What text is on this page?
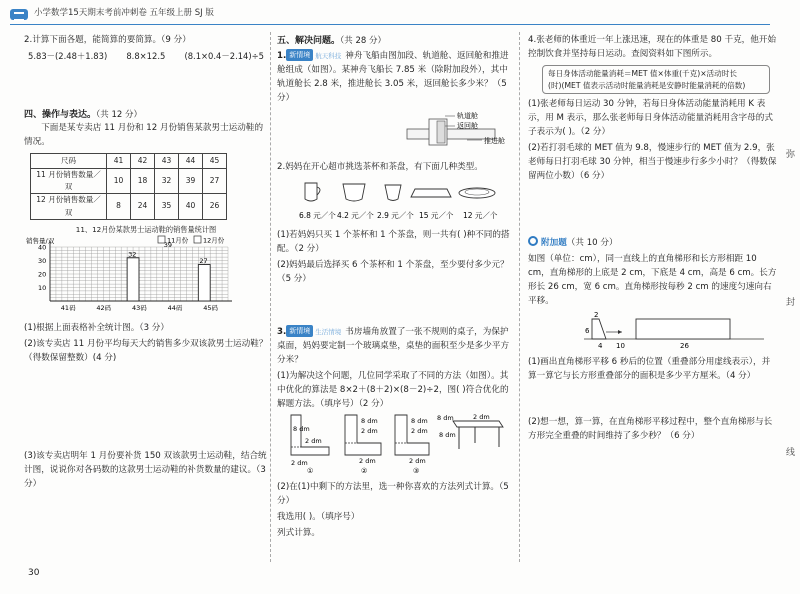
小学数学15天期末考前冲刺卷 五年级上册 SJ 版
2.计算下面各题，能简算的要简算。（9 分）
5.83－(2.48＋1.83) 8.8×12.5 (8.1×0.4－2.14)÷5
四、操作与表达。（共 12 分）
下面是某专卖店 11 月份和 12 月份销售某款男士运动鞋的情况。
尺码	41	42	43	44	45
11 月份销售数量／双	10	18	32	39	27
12 月份销售数量／双	8	24	35	40	26
11、12月份某款男士运动鞋的销售量统计图
销售量/双
10
20
30
40
11月份 12月份
41码	42码	43码	44码	45码
32
39
27
(1)根据上面表格补全统计图。（3 分）
(2)该专卖店 11 月份平均每天大约销售多少双该款男士运动鞋？（得数保留整数）(4 分)
(3)该专卖店明年 1 月份要补货 150 双该款男士运动鞋，结合统计图，说说你对各码数的这款男士运动鞋的补货数量的建议。（3 分）
五、解决问题。（共 28 分）
1. 新情境 航天科技 神舟飞船由图加段、轨道舱、返回舱和推进舱组成（如图）。某神舟飞船长 7.85 米（除附加段外），其中轨道舱长 2.8 米，推进舱长 3.05 米，返回舱长多少米？（5 分）
轨道舱
返回舱
推进舱
2.妈妈在开心超市挑选茶杯和茶盘，有下面几种类型。
6.8 元／个 4.2 元／个 2.9 元／个 15 元／个 12 元／个
(1)若妈妈只买 1 个茶杯和 1 个茶盘，则一共有( )种不同的搭配。（2 分）
(2)妈妈最后选择买 6 个茶杯和 1 个茶盘，至少要付多少元？（5 分）
3. 新情境 生活情境 书房墙角放置了一张不规则的桌子，为保护桌面，妈妈要定制一个玻璃桌垫，桌垫的面积至少是多少平方分米？
(1)为解决这个问题，几位同学采取了不同的方法（如图）。其中优化的算法是 8×2＋(8＋2)×(8－2)÷2，图( )符合优化的解题方法。（填序号）（2 分）
8 dm
2 dm
2 dm
①
8 dm
2 dm
2 dm
②
8 dm
2 dm
2 dm
③
8 dm	2 dm
8 dm
(2)在(1)中剩下的方法里，选一种你喜欢的方法列式计算。（5 分）
我选用( )。（填序号）
列式计算。
4.张老师的体重近一年上涨迅速，现在的体重是 80 千克，他开始控制饮食并坚持每日运动。查阅资料如下图所示。
每日身体活动能量消耗＝MET 值×体重(千克)×活动时长
(时)(MET 值表示活动时能量消耗是安静时能量消耗的倍数)
(1)张老师每日运动 30 分钟，若每日身体活动能量消耗用 K 表示，用 M 表示，那么张老师每日身体活动能量消耗用含字母的式子表示为( )。（2 分）
(2)若打羽毛球的 MET 值为 9.8，慢速步行的 MET 值为 2.9，张老师每日打羽毛球 30 分钟，相当于慢速步行多少小时？（得数保留两位小数）（6 分）
附加题（共 10 分）
如图（单位：cm），同一直线上的直角梯形和长方形相距 10 cm，直角梯形的上底是 2 cm，下底是 4 cm，高是 6 cm。长方形长 26 cm，宽 6 cm。直角梯形按每秒 2 cm 的速度匀速向右平移。
2
6
4 10	26
(1)画出直角梯形平移 6 秒后的位置（重叠部分用虚线表示），并算一算它与长方形重叠部分的面积是多少平方厘米。（4 分）
(2)想一想，算一算，在直角梯形平移过程中，整个直角梯形与长方形完全重叠的时间维持了多少秒？（6 分）
弥
封
线
30
